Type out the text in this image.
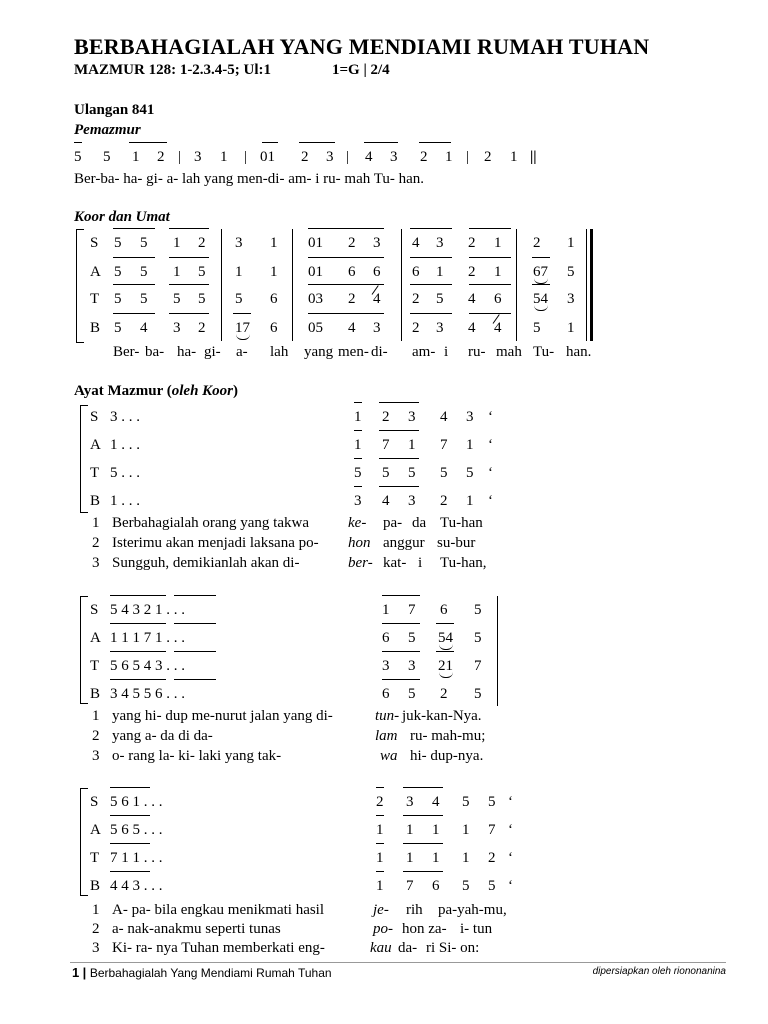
BERBAHAGIALAH YANG MENDIAMI RUMAH TUHAN
MAZMUR 128: 1-2.3.4-5; Ul:1	1=G | 2/4
Ulangan 841
Pemazmur
5 5 1 2 | 3 1 | 01 2 3 | 4 3 2 1 | 2 1 ||
Ber-ba- ha- gi- a- lah yang men-di- am- i ru- mah Tu- han.
Koor dan Umat
S 5 5 1 2 3 1 01 2 3 4 3 2 1 2 1
A 5 5 1 5 1 1 01 6 6 6 1 2 1 67 5
T 5 5 5 5 5 6 03 2 4 2 5 4 6 54 3
B 5 4 3 2 17 6 05 4 3 2 3 4 4 5 1
Ber- ba- ha- gi- a- lah yang men- di- am- i ru- mah Tu- han.
Ayat Mazmur (oleh Koor)
S 3 . . .	1 2 3 4 3 ‘
A 1 . . .	1 7 1 7 1 ‘
T 5 . . .	5 5 5 5 5 ‘
B 1 . . .	3 4 3 2 1 ‘
1 Berbahagialah orang yang takwa	ke- pa- da Tu-han
2 Isterimu akan menjadi laksana po- hon anggur su-bur
3 Sungguh, demikianlah akan di-	ber- kat- i Tu-han,
S 5 4 3 2 1 . . .	1 7 6 5
A 1 1 1 7 1 . . .	6 5 54 5
T 5 6 5 4 3 . . .	3 3 21 7
B 3 4 5 5 6 . . .	6 5 2 5
1 yang hi- dup me-nurut jalan yang di-	tun- juk-kan-Nya.
2 yang a- da di da-	lam ru- mah-mu;
3 o- rang la- ki- laki yang tak-	wa hi- dup-nya.
S 5 6 1 . . .	2 3 4 5 5 ‘
A 5 6 5 . . .	1 1 1 1 7 ‘
T 7 1 1 . . .	1 1 1 1 2 ‘
B 4 4 3 . . .	1 7 6 5 5 ‘
1 A- pa- bila engkau menikmati hasil	je- rih pa-yah-mu,
2 a- nak-anakmu seperti tunas	po- hon za- i- tun
3 Ki- ra- nya Tuhan memberkati eng-	kau da- ri Si- on:
1 | Berbahagialah Yang Mendiami Rumah Tuhan	dipersiapkan oleh riononanina
